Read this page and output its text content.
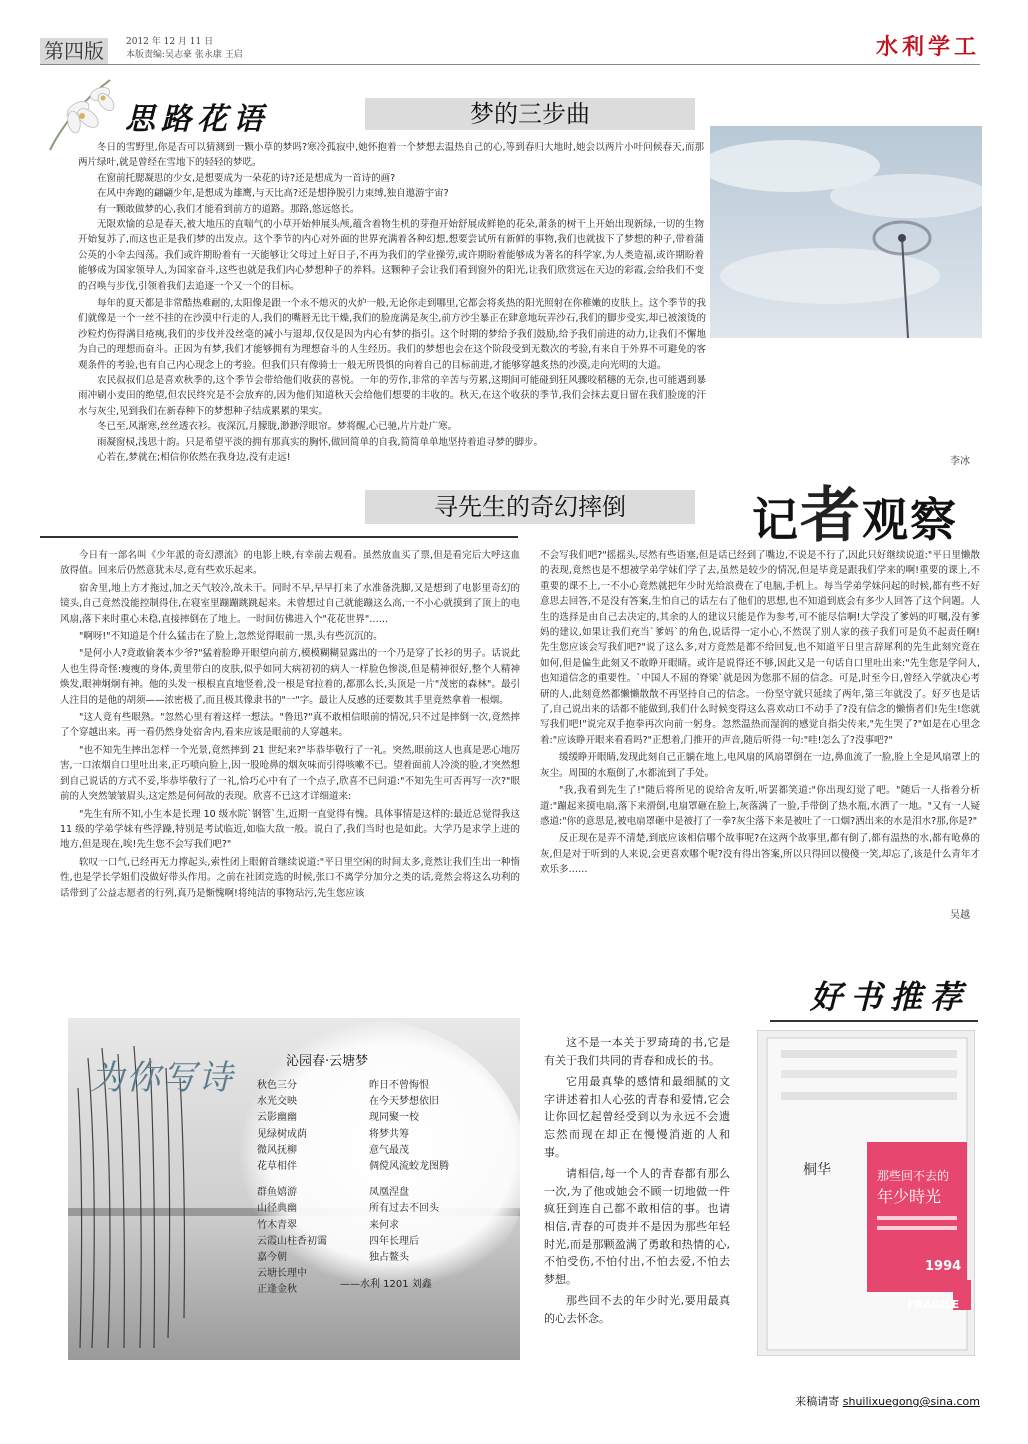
第四版	2012 年 12 月 11 日
本版责编:吴志豪 张永康 王启	水利学工
思路花语	梦的三步曲

冬日的雪野里,你是否可以猜测到一颗小草的梦吗?寒冷孤寂中,她怀抱着一个梦想去温热自己的心,等到春归大地时,她会以两片小叶问候春天,而那两片绿叶,就是曾经在雪地下的轻轻的梦呓。

在窗前托腮凝思的少女,是想要成为一朵花的诗?还是想成为一首诗的画?

在风中奔跑的翩翩少年,是想成为雄鹰,与天比高?还是想挣脱引力束缚,独自遨游宇宙?

有一颗敢做梦的心,我们才能看到前方的道路。那路,悠远悠长。

无限欢愉的总是春天,被大地压的直喘气的小草开始伸展头颅,蕴含着物生机的芽孢开始舒展成鲜艳的花朵,萧条的树干上开始出现新绿,一切的生物开始复苏了,而这也正是我们梦的出发点。这个季节的内心对外面的世界充满着各种幻想,想要尝试所有新鲜的事物,我们也就拔下了梦想的种子,带着蒲公英的小伞去闯荡。我们或许期盼着有一天能够让父母过上好日子,不再为我们的学业操劳,或许期盼着能够成为著名的科学家,为人类造福,或许期盼着能够成为国家领导人,为国家奋斗,这些也就是我们内心梦想种子的养料。这颗种子会让我们看到窗外的阳光,让我们欣赏远在天边的彩霞,会给我们不变的召唤与步伐,引领着我们去追逐一个又一个的目标。

每年的夏天都是非常酷热难耐的,太阳像是跟一个永不熄灭的火炉一般,无论你走到哪里,它都会将炙热的阳光照射在你稚嫩的皮肤上。这个季节的我们就像是一个一丝不挂的在沙漠中行走的人,我们的嘴唇无比干燥,我们的脸庞满是灰尘,前方沙尘暴正在肆意地玩弄沙石,我们的脚步受实,却已被滚烫的沙粒灼伤得满目疮痍,我们的步伐并没丝毫的减小与退却,仅仅是因为内心有梦的指引。这个时期的梦给予我们鼓励,给予我们前进的动力,让我们不懈地为自己的理想而奋斗。正因为有梦,我们才能够拥有为理想奋斗的人生经历。我们的梦想也会在这个阶段受到无数次的考验,有来自于外界不可避免的客观条件的考验,也有自己内心现念上的考验。但我们只有像骑士一般无所畏惧的向着自己的目标前进,才能够穿越炙热的沙漠,走向光明的大道。

农民叔叔们总是喜欢秋季的,这个季节会带给他们收获的喜悦。一年的劳作,非常的辛苦与劳累,这期间可能碰到狂风骤咬稻穗的无奈,也可能遇到暴雨冲刷小麦田的绝望,但农民终究是不会放弃的,因为他们知道秋天会给他们想要的丰收的。秋天,在这个收获的季节,我们会抹去夏日留在我们脸庞的汗水与灰尘,见到我们在新春种下的梦想种子结成累累的果实。

冬已至,风渐寒,丝丝透衣衫。夜深沉,月朦胧,渺渺浮眼帘。梦将醒,心已驰,片片赴广寒。

雨凝窗棂,浅思十韵。只是希望平淡的拥有那真实的胸怀,做回简单的自我,简简单单地坚持着追寻梦的脚步。

心若在,梦就在;相信你依然在我身边,没有走远!	李冰
寻先生的奇幻摔倒	记者观察

今日有一部名叫《少年派的奇幻漂流》的电影上映,有幸前去观看。虽然放血买了票,但是看完后大呼这血放得值。回来后仍然意犹未尽,竟有些欢乐起来。

宿舍里,地上方才拖过,加之天气较冷,故未干。同时不早,早早打来了水准备洗脚,又是想到了电影里奇幻的镜头,自己竟然没能控制得住,在寝室里蹦蹦跳跳起来。未曾想过自己就能蹦这么高,一不小心就摸到了顶上的电风扇,落下来时重心未稳,直接摔倒在了地上。一时间仿佛进入个"花花世界"……

"啊呀!"不知道是个什么猛击在了脸上,忽然觉得眼前一黑,头有些沉沉的。

"是何小人?竟敢偷袭本少爷?"猛着脸睁开眼望向前方,模模糊糊显露出的一个乃是穿了长衫的男子。话说此人也生得奇怪:瘦瘦的身体,黄里带白的皮肤,似乎如同大病初初的病人一样脸色惨淡,但是精神很好,整个人精神焕发,眼神炯炯有神。他的头发一根根直直地竖着,没一根是耷拉着的,都那么长,头顶是一片"茂密的森林"。最引人注目的是他的胡须——浓密极了,而且极其像隶书的"一"字。最让人反感的还要数其手里竟然拿着一根烟。

"这人竟有些眼熟。"忽然心里有着这样一想法。"鲁迅?"真不敢相信眼前的情况,只不过是摔倒一次,竟然摔了个穿越出来。再一看仍然身处宿舍内,看来应该是眼前的人穿越来。

"也不知先生摔出怎样一个光景,竟然摔到 21 世纪来?"毕恭毕敬行了一礼。突然,眼前这人也真是恶心地厉害,一口浓烟自口里吐出来,正巧喷向脸上,因一股呛鼻的烟灰味而引得咳嗽不已。望着面前人冷淡的脸,才突然想到自己说话的方式不妥,毕恭毕敬行了一礼,恰巧心中有了一个点子,欣喜不已问道:"不知先生可否再写一次?"眼前的人突然皱皱眉头,这定然是何何故的表现。欣喜不已这才详细道来:

"先生有所不知,小生本是长理 10 级水院`钢管`生,近期一直觉得有愧。具体事情是这样的:最近总觉得我这 11 级的学弟学妹有些浮躁,特别是考试临近,如临大敌一般。说白了,我们当时也是如此。大学乃是求学上进的地方,但是现在,唉!先生您不会写我们吧?"

软叹一口气,已经再无力撑起头,索性闭上眼俯首继续说道:"平日里空闲的时间太多,竟然让我们生出一种惰性,也是学长学姐们没做好带头作用。之前在社团竞选的时候,张口不离学分加分之类的话,竟然会将这么功利的话带到了公益志愿者的行列,真乃是惭愧啊!将纯洁的事物玷污,先生您应该

不会写我们吧?"摇摇头,尽然有些语塞,但是话已经到了嘴边,不说是不行了,因此只好继续说道:"平日里懒散的表现,竟然也是不想被学弟学妹们学了去,虽然是较少的情况,但是毕竟是跟我们学来的啊!重要的课上,不重要的课不上,一不小心竟然就把年少时光给浪费在了电脑,手机上。每当学弟学妹问起的时候,都有些不好意思去回答,不是没有答案,生怕自己的话左右了他们的思想,也不知道到底会有多少人回答了这个问题。人生的选择是由自己去决定的,其余的人的建议只能是作为参考,可不能尽信啊!大学没了爹妈的叮嘱,没有爹妈的建议,如果让我们充当`爹妈`的角色,说话得一定小心,不然误了别人家的孩子我们可是负不起责任啊!先生您应该会写我们吧?"说了这么多,对方竟然是都不给回复,也不知道平日里言辞犀利的先生此刻究竟在如何,但是偏生此刻又不敢睁开眼睛。或许是说得还不够,因此又是一句话自口里吐出来:"先生您是学问人,也知道信念的重要性。`中国人不屈的脊梁`就是因为您那不屈的信念。可是,时至今日,曾经入学就决心考研的人,此刻竟然都懒懒散散不再坚持自己的信念。一份坚守就只延续了两年,第三年就没了。好歹也是话了,自己说出来的话都不能做到,我们什么时候变得这么喜欢动口不动手了?没有信念的懒惰者们!先生!您就写我们吧!"说完双手抱拳再次向前一躬身。忽然温热而湿润的感觉自指尖传来,"先生哭了?"如是在心里念着:"应该睁开眼来看看吗?"正想着,门推开的声音,随后听得一句:"哇!怎么了?没事吧?"

缓缓睁开眼睛,发现此刻自己正躺在地上,电风扇的风扇罩倒在一边,鼻血流了一脸,脸上全是风扇罩上的灰尘。周围的水瓶倒了,水都流到了手处。

"我,我看到先生了!"随后将所见的说给舍友听,听罢都笑道:"你出现幻觉了吧。"随后一人指着分析道:"蹦起来摸电扇,落下来滑倒,电扇罩砸在脸上,灰落满了一脸,手带倒了热水瓶,水洒了一地。"又有一人疑惑道:"你的意思是,被电扇罩砸中是被打了一拳?灰尘落下来是被吐了一口烟?洒出来的水是泪水?那,你是?"

反正现在是弄不清楚,到底应该相信哪个故事呢?在这两个故事里,都有倒了,都有温热的水,都有呛鼻的灰,但是对于听到的人来说,会更喜欢哪个呢?没有得出答案,所以只得回以傻傻一笑,却忘了,该是什么青年才欢乐多……

吴越
好书推荐
为你写诗	沁园春·云塘梦
秋色三分
水光交映
云影幽幽
见绿树成荫
微风抚柳
花草相伴
群鱼嬉游
山径典幽
竹木青翠
云霞山柱香初霭
嘉今朝
云塘长理中
正逢金秋
昨日不曾悔恨
在今天梦想依旧
现同聚一校
将梦共筹
意气最茂
倜傥风流蛟龙图腾
凤凰涅盘
所有过去不回头
来何求
四年长理后
独占鳌头
——水利 1201 刘鑫

这不是一本关于罗琦琦的书,它是有关于我们共同的青春和成长的书。

它用最真挚的感情和最细腻的文字讲述着扣人心弦的青春和爱情,它会让你回忆起曾经受到以为永远不会遗忘然而现在却正在慢慢消逝的人和事。

请相信,每一个人的青春都有那么一次,为了他或她会不顾一切地做一件疯狂到连自己都不敢相信的事。也请相信,青春的可贵并不是因为那些年轻时光,而是那颗盈满了勇敢和热情的心,不怕受伤,不怕付出,不怕去爱,不怕去梦想。

那些回不去的年少时光,要用最真的心去怀念。

桐华	那些回不去的
年少時光
1994
FRAGILE
来稿请寄 shuilixuegong@sina.com
